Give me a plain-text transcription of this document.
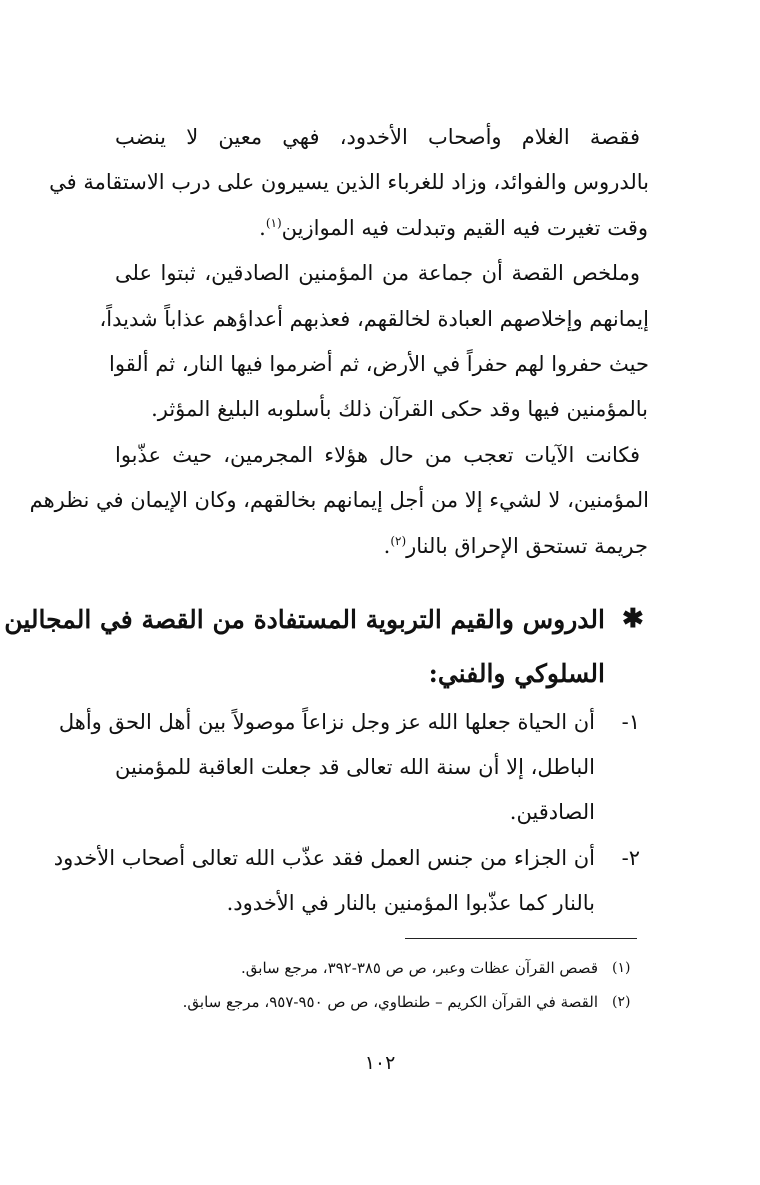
فقصة الغلام وأصحاب الأخدود، فهي معين لا ينضب
بالدروس والفوائد، وزاد للغرباء الذين يسيرون على درب الاستقامة في
وقت تغيرت فيه القيم وتبدلت فيه الموازين$^{(١)}$.
وملخص القصة أن جماعة من المؤمنين الصادقين، ثبتوا على
إيمانهم وإخلاصهم العبادة لخالقهم، فعذبهم أعداؤهم عذاباً شديداً،
حيث حفروا لهم حفراً في الأرض، ثم أضرموا فيها النار، ثم ألقوا
بالمؤمنين فيها وقد حكى القرآن ذلك بأسلوبه البليغ المؤثر.
فكانت الآيات تعجب من حال هؤلاء المجرمين، حيث عذّبوا
المؤمنين، لا لشيء إلا من أجل إيمانهم بخالقهم، وكان الإيمان في نظرهم
جريمة تستحق الإحراق بالنار$^{(٢)}$.
✱
الدروس والقيم التربوية المستفادة من القصة في المجالين
السلوكي والفني:
١-
أن الحياة جعلها الله عز وجل نزاعاً موصولاً بين أهل الحق وأهل
الباطل، إلا أن سنة الله تعالى قد جعلت العاقبة للمؤمنين
الصادقين.
٢-
أن الجزاء من جنس العمل فقد عذّب الله تعالى أصحاب الأخدود
بالنار كما عذّبوا المؤمنين بالنار في الأخدود.
(١)
قصص القرآن عظات وعبر، ص ص ٣٨٥-٣٩٢، مرجع سابق.
(٢)
القصة في القرآن الكريم – طنطاوي، ص ص ٩٥٠-٩٥٧، مرجع سابق.
١٠٢
